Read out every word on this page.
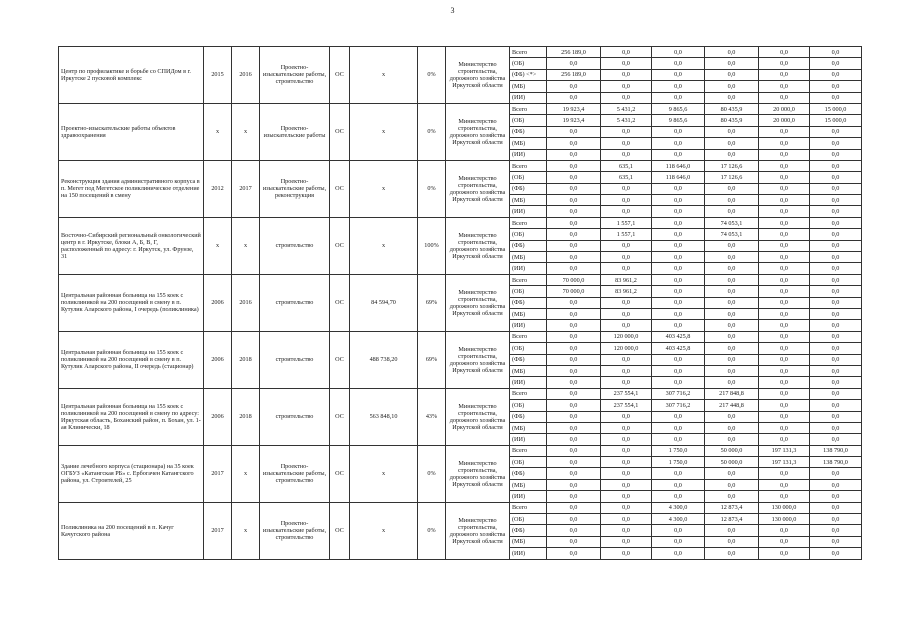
3
Центр по профилактике и борьбе со СПИДом в г. Иркутске 2 пусковой комплекс	2015	2016	Проектно-изыскательские работы, строительство	ОС	х	0%	Министерство строительства, дорожного хозяйства Иркутской области	Всего	256 189,0	0,0	0,0	0,0	0,0	0,0
								(ОБ)	0,0	0,0	0,0	0,0	0,0	0,0
								(ФБ) <*>	256 189,0	0,0	0,0	0,0	0,0	0,0
								(МБ)	0,0	0,0	0,0	0,0	0,0	0,0
								(ИИ)	0,0	0,0	0,0	0,0	0,0	0,0
Проектно-изыскательские работы объектов здравоохранения	х	х	Проектно-изыскательские работы	ОС	х	0%	Министерство строительства, дорожного хозяйства Иркутской области	Всего	19 923,4	5 431,2	9 865,6	80 435,9	20 000,0	15 000,0
								(ОБ)	19 923,4	5 431,2	9 865,6	80 435,9	20 000,0	15 000,0
								(ФБ)	0,0	0,0	0,0	0,0	0,0	0,0
								(МБ)	0,0	0,0	0,0	0,0	0,0	0,0
								(ИИ)	0,0	0,0	0,0	0,0	0,0	0,0
Реконструкция здания административного корпуса в п. Мегет под Мегетское поликлиническое отделение на 150 посещений в смену	2012	2017	Проектно-изыскательские работы, реконструкция	ОС	х	0%	Министерство строительства, дорожного хозяйства Иркутской области	Всего	0,0	635,1	118 646,0	17 126,6	0,0	0,0
								(ОБ)	0,0	635,1	118 646,0	17 126,6	0,0	0,0
								(ФБ)	0,0	0,0	0,0	0,0	0,0	0,0
								(МБ)	0,0	0,0	0,0	0,0	0,0	0,0
								(ИИ)	0,0	0,0	0,0	0,0	0,0	0,0
Восточно-Сибирский региональный онкологический центр в г. Иркутске, блоки А, Б, В, Г, расположенный по адресу: г. Иркутск, ул. Фрунзе, 31	х	х	строительство	ОС	х	100%	Министерство строительства, дорожного хозяйства Иркутской области	Всего	0,0	1 557,1	0,0	74 053,1	0,0	0,0
								(ОБ)	0,0	1 557,1	0,0	74 053,1	0,0	0,0
								(ФБ)	0,0	0,0	0,0	0,0	0,0	0,0
								(МБ)	0,0	0,0	0,0	0,0	0,0	0,0
								(ИИ)	0,0	0,0	0,0	0,0	0,0	0,0
Центральная районная больница на 155 коек с поликлиникой на 200 посещений в смену в п. Кутулик Аларского района, I очередь (поликлиника)	2006	2016	строительство	ОС	84 594,70	69%	Министерство строительства, дорожного хозяйства Иркутской области	Всего	70 000,0	83 961,2	0,0	0,0	0,0	0,0
								(ОБ)	70 000,0	83 961,2	0,0	0,0	0,0	0,0
								(ФБ)	0,0	0,0	0,0	0,0	0,0	0,0
								(МБ)	0,0	0,0	0,0	0,0	0,0	0,0
								(ИИ)	0,0	0,0	0,0	0,0	0,0	0,0
Центральная районная больница на 155 коек с поликлиникой на 200 посещений в смену в п. Кутулик Аларского района, II очередь (стационар)	2006	2018	строительство	ОС	488 738,20	69%	Министерство строительства, дорожного хозяйства Иркутской области	Всего	0,0	120 000,0	403 425,8	0,0	0,0	0,0
								(ОБ)	0,0	120 000,0	403 425,8	0,0	0,0	0,0
								(ФБ)	0,0	0,0	0,0	0,0	0,0	0,0
								(МБ)	0,0	0,0	0,0	0,0	0,0	0,0
								(ИИ)	0,0	0,0	0,0	0,0	0,0	0,0
Центральная районная больница на 155 коек с поликлиникой на 200 посещений в смену по адресу: Иркутская область, Боханский район, п. Бохан, ул. 1-ая Клинически, 18	2006	2018	строительство	ОС	563 848,10	43%	Министерство строительства, дорожного хозяйства Иркутской области	Всего	0,0	237 554,1	307 716,2	217 848,8	0,0	0,0
								(ОБ)	0,0	237 554,1	307 716,2	217 448,8	0,0	0,0
								(ФБ)	0,0	0,0	0,0	0,0	0,0	0,0
								(МБ)	0,0	0,0	0,0	0,0	0,0	0,0
								(ИИ)	0,0	0,0	0,0	0,0	0,0	0,0
Здание лечебного корпуса (стационара) на 35 коек ОГБУЗ «Катангская РБ» с. Ербогачен Катангского района, ул. Строителей, 25	2017	х	Проектно-изыскательские работы, строительство	ОС	х	0%	Министерство строительства, дорожного хозяйства Иркутской области	Всего	0,0	0,0	1 750,0	50 000,0	197 131,3	138 790,0
								(ОБ)	0,0	0,0	1 750,0	50 000,0	197 131,3	138 790,0
								(ФБ)	0,0	0,0	0,0	0,0	0,0	0,0
								(МБ)	0,0	0,0	0,0	0,0	0,0	0,0
								(ИИ)	0,0	0,0	0,0	0,0	0,0	0,0
Поликлиника на 200 посещений в п. Качуг Качугского района	2017	х	Проектно-изыскательские работы, строительство	ОС	х	0%	Министерство строительства, дорожного хозяйства Иркутской области	Всего	0,0	0,0	4 300,0	12 873,4	130 000,0	0,0
								(ОБ)	0,0	0,0	4 300,0	12 873,4	130 000,0	0,0
								(ФБ)	0,0	0,0	0,0	0,0	0,0	0,0
								(МБ)	0,0	0,0	0,0	0,0	0,0	0,0
								(ИИ)	0,0	0,0	0,0	0,0	0,0	0,0
